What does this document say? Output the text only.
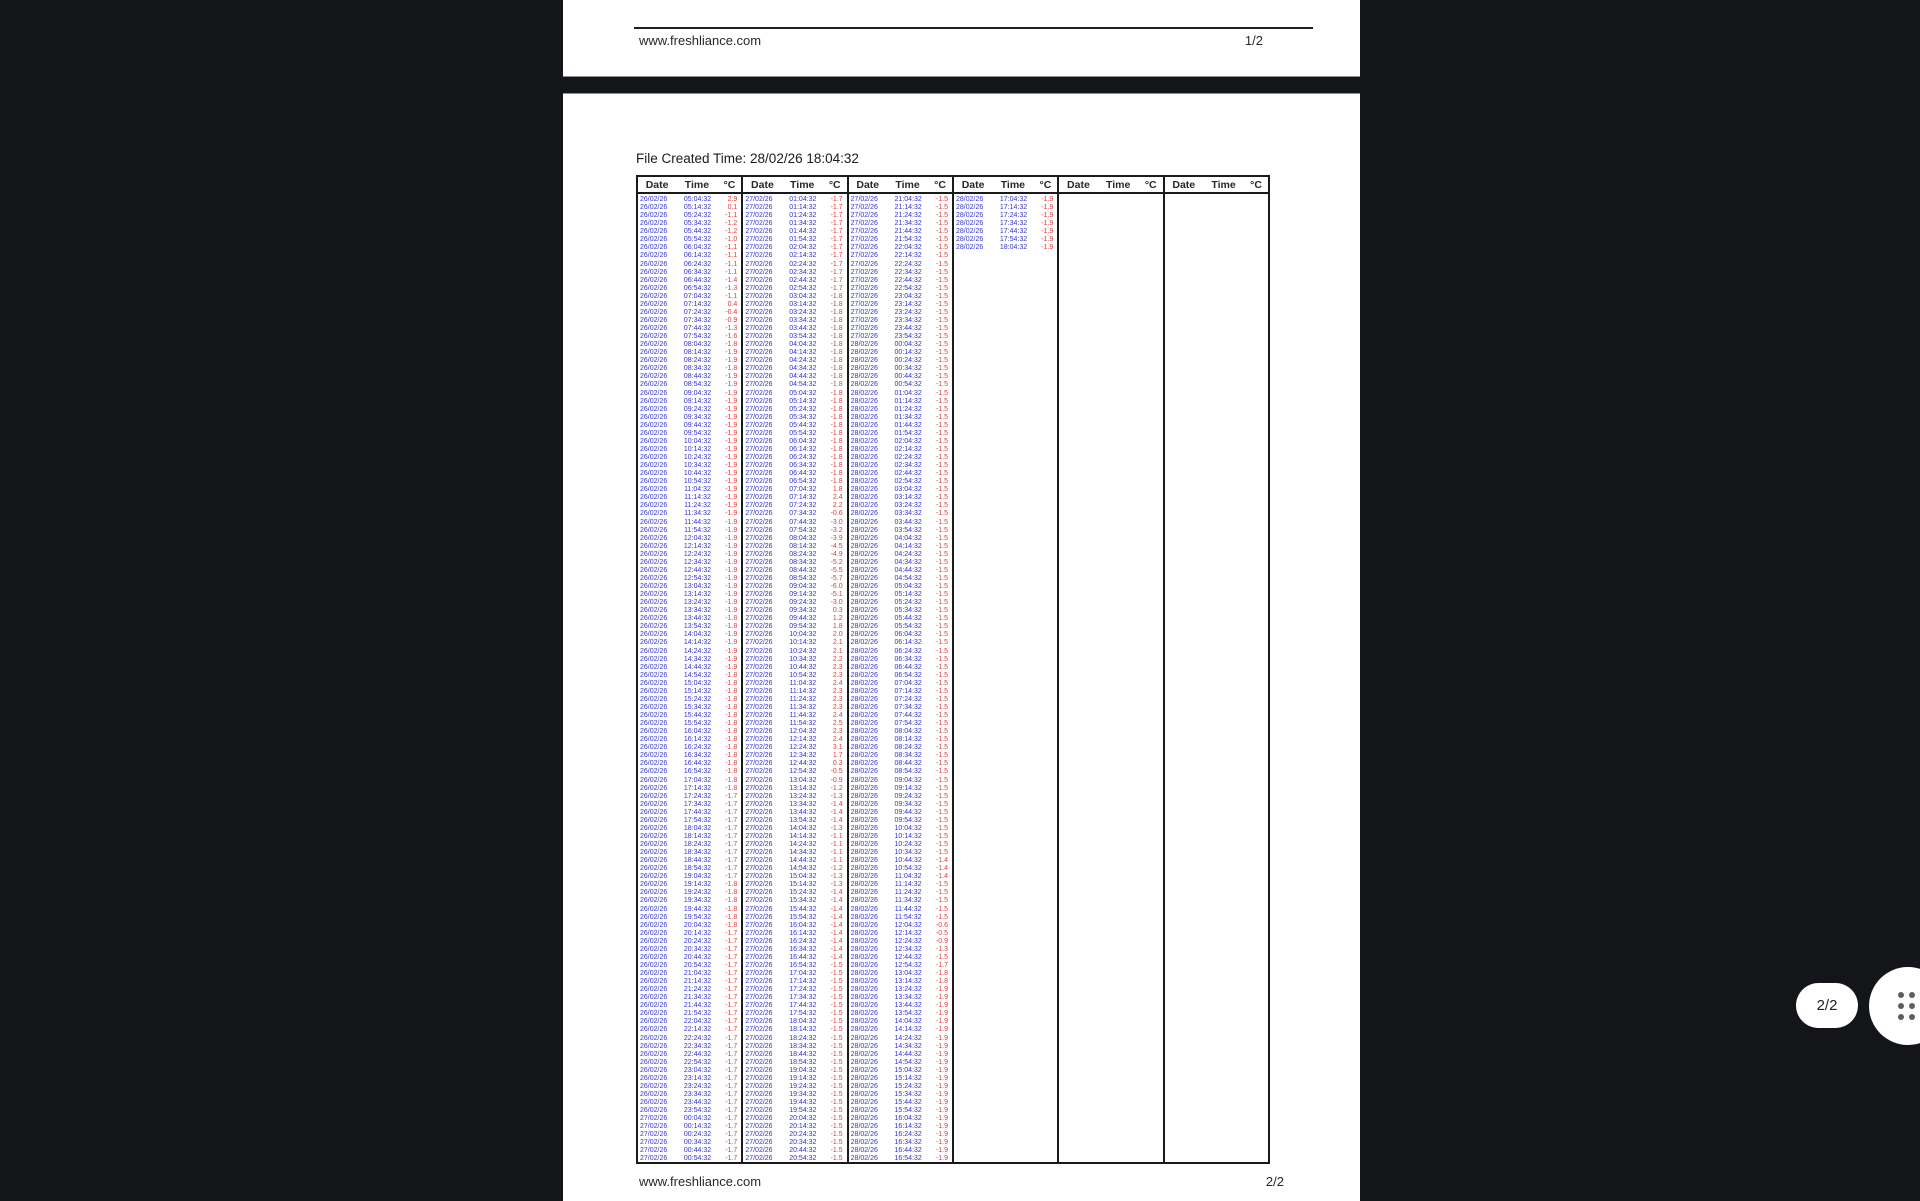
www.freshliance.com	1/2
File Created Time: 28/02/26 18:04:32
Date	Time	°C
26/02/26	05:04:32	2.9
26/02/26	05:14:32	0.1
26/02/26	05:24:32	-1.1
26/02/26	05:34:32	-1.2
26/02/26	05:44:32	-1.2
26/02/26	05:54:32	-1.0
26/02/26	06:04:32	-1.1
26/02/26	06:14:32	-1.1
26/02/26	06:24:32	-1.1
26/02/26	06:34:32	-1.1
26/02/26	06:44:32	-1.4
26/02/26	06:54:32	-1.3
26/02/26	07:04:32	-1.1
26/02/26	07:14:32	0.4
26/02/26	07:24:32	-0.4
26/02/26	07:34:32	-0.9
26/02/26	07:44:32	-1.3
26/02/26	07:54:32	-1.6
26/02/26	08:04:32	-1.8
26/02/26	08:14:32	-1.9
26/02/26	08:24:32	-1.9
26/02/26	08:34:32	-1.8
26/02/26	08:44:32	-1.9
26/02/26	08:54:32	-1.9
26/02/26	09:04:32	-1.9
26/02/26	09:14:32	-1.9
26/02/26	09:24:32	-1.9
26/02/26	09:34:32	-1.9
26/02/26	09:44:32	-1.9
26/02/26	09:54:32	-1.9
26/02/26	10:04:32	-1.9
26/02/26	10:14:32	-1.9
26/02/26	10:24:32	-1.9
26/02/26	10:34:32	-1.9
26/02/26	10:44:32	-1.9
26/02/26	10:54:32	-1.9
26/02/26	11:04:32	-1.9
26/02/26	11:14:32	-1.9
26/02/26	11:24:32	-1.9
26/02/26	11:34:32	-1.9
26/02/26	11:44:32	-1.9
26/02/26	11:54:32	-1.9
26/02/26	12:04:32	-1.9
26/02/26	12:14:32	-1.9
26/02/26	12:24:32	-1.9
26/02/26	12:34:32	-1.9
26/02/26	12:44:32	-1.9
26/02/26	12:54:32	-1.9
26/02/26	13:04:32	-1.9
26/02/26	13:14:32	-1.9
26/02/26	13:24:32	-1.9
26/02/26	13:34:32	-1.9
26/02/26	13:44:32	-1.8
26/02/26	13:54:32	-1.8
26/02/26	14:04:32	-1.9
26/02/26	14:14:32	-1.9
26/02/26	14:24:32	-1.9
26/02/26	14:34:32	-1.9
26/02/26	14:44:32	-1.9
26/02/26	14:54:32	-1.8
26/02/26	15:04:32	-1.8
26/02/26	15:14:32	-1.8
26/02/26	15:24:32	-1.8
26/02/26	15:34:32	-1.8
26/02/26	15:44:32	-1.8
26/02/26	15:54:32	-1.8
26/02/26	16:04:32	-1.8
26/02/26	16:14:32	-1.8
26/02/26	16:24:32	-1.8
26/02/26	16:34:32	-1.8
26/02/26	16:44:32	-1.8
26/02/26	16:54:32	-1.8
26/02/26	17:04:32	-1.8
26/02/26	17:14:32	-1.8
26/02/26	17:24:32	-1.7
26/02/26	17:34:32	-1.7
26/02/26	17:44:32	-1.7
26/02/26	17:54:32	-1.7
26/02/26	18:04:32	-1.7
26/02/26	18:14:32	-1.7
26/02/26	18:24:32	-1.7
26/02/26	18:34:32	-1.7
26/02/26	18:44:32	-1.7
26/02/26	18:54:32	-1.7
26/02/26	19:04:32	-1.7
26/02/26	19:14:32	-1.8
26/02/26	19:24:32	-1.8
26/02/26	19:34:32	-1.8
26/02/26	19:44:32	-1.8
26/02/26	19:54:32	-1.8
26/02/26	20:04:32	-1.8
26/02/26	20:14:32	-1.7
26/02/26	20:24:32	-1.7
26/02/26	20:34:32	-1.7
26/02/26	20:44:32	-1.7
26/02/26	20:54:32	-1.7
26/02/26	21:04:32	-1.7
26/02/26	21:14:32	-1.7
26/02/26	21:24:32	-1.7
26/02/26	21:34:32	-1.7
26/02/26	21:44:32	-1.7
26/02/26	21:54:32	-1.7
26/02/26	22:04:32	-1.7
26/02/26	22:14:32	-1.7
26/02/26	22:24:32	-1.7
26/02/26	22:34:32	-1.7
26/02/26	22:44:32	-1.7
26/02/26	22:54:32	-1.7
26/02/26	23:04:32	-1.7
26/02/26	23:14:32	-1.7
26/02/26	23:24:32	-1.7
26/02/26	23:34:32	-1.7
26/02/26	23:44:32	-1.7
26/02/26	23:54:32	-1.7
27/02/26	00:04:32	-1.7
27/02/26	00:14:32	-1.7
27/02/26	00:24:32	-1.7
27/02/26	00:34:32	-1.7
27/02/26	00:44:32	-1.7
27/02/26	00:54:32	-1.7
Date	Time	°C
27/02/26	01:04:32	-1.7
27/02/26	01:14:32	-1.7
27/02/26	01:24:32	-1.7
27/02/26	01:34:32	-1.7
27/02/26	01:44:32	-1.7
27/02/26	01:54:32	-1.7
27/02/26	02:04:32	-1.7
27/02/26	02:14:32	-1.7
27/02/26	02:24:32	-1.7
27/02/26	02:34:32	-1.7
27/02/26	02:44:32	-1.7
27/02/26	02:54:32	-1.7
27/02/26	03:04:32	-1.8
27/02/26	03:14:32	-1.8
27/02/26	03:24:32	-1.8
27/02/26	03:34:32	-1.8
27/02/26	03:44:32	-1.8
27/02/26	03:54:32	-1.8
27/02/26	04:04:32	-1.8
27/02/26	04:14:32	-1.8
27/02/26	04:24:32	-1.8
27/02/26	04:34:32	-1.8
27/02/26	04:44:32	-1.8
27/02/26	04:54:32	-1.8
27/02/26	05:04:32	-1.8
27/02/26	05:14:32	-1.8
27/02/26	05:24:32	-1.8
27/02/26	05:34:32	-1.8
27/02/26	05:44:32	-1.8
27/02/26	05:54:32	-1.8
27/02/26	06:04:32	-1.8
27/02/26	06:14:32	-1.8
27/02/26	06:24:32	-1.8
27/02/26	06:34:32	-1.8
27/02/26	06:44:32	-1.8
27/02/26	06:54:32	-1.8
27/02/26	07:04:32	1.8
27/02/26	07:14:32	2.4
27/02/26	07:24:32	2.2
27/02/26	07:34:32	-0.6
27/02/26	07:44:32	-3.0
27/02/26	07:54:32	-3.2
27/02/26	08:04:32	-3.9
27/02/26	08:14:32	-4.5
27/02/26	08:24:32	-4.9
27/02/26	08:34:32	-5.2
27/02/26	08:44:32	-5.5
27/02/26	08:54:32	-5.7
27/02/26	09:04:32	-6.0
27/02/26	09:14:32	-5.1
27/02/26	09:24:32	-3.0
27/02/26	09:34:32	0.3
27/02/26	09:44:32	1.2
27/02/26	09:54:32	1.8
27/02/26	10:04:32	2.0
27/02/26	10:14:32	2.1
27/02/26	10:24:32	2.1
27/02/26	10:34:32	2.2
27/02/26	10:44:32	2.3
27/02/26	10:54:32	2.3
27/02/26	11:04:32	2.4
27/02/26	11:14:32	2.3
27/02/26	11:24:32	2.3
27/02/26	11:34:32	2.3
27/02/26	11:44:32	2.4
27/02/26	11:54:32	2.5
27/02/26	12:04:32	2.3
27/02/26	12:14:32	2.4
27/02/26	12:24:32	3.1
27/02/26	12:34:32	1.7
27/02/26	12:44:32	0.3
27/02/26	12:54:32	-0.5
27/02/26	13:04:32	-0.9
27/02/26	13:14:32	-1.2
27/02/26	13:24:32	-1.3
27/02/26	13:34:32	-1.4
27/02/26	13:44:32	-1.4
27/02/26	13:54:32	-1.4
27/02/26	14:04:32	-1.3
27/02/26	14:14:32	-1.1
27/02/26	14:24:32	-1.1
27/02/26	14:34:32	-1.1
27/02/26	14:44:32	-1.1
27/02/26	14:54:32	-1.2
27/02/26	15:04:32	-1.3
27/02/26	15:14:32	-1.3
27/02/26	15:24:32	-1.4
27/02/26	15:34:32	-1.4
27/02/26	15:44:32	-1.4
27/02/26	15:54:32	-1.4
27/02/26	16:04:32	-1.4
27/02/26	16:14:32	-1.4
27/02/26	16:24:32	-1.4
27/02/26	16:34:32	-1.4
27/02/26	16:44:32	-1.4
27/02/26	16:54:32	-1.5
27/02/26	17:04:32	-1.5
27/02/26	17:14:32	-1.5
27/02/26	17:24:32	-1.5
27/02/26	17:34:32	-1.5
27/02/26	17:44:32	-1.5
27/02/26	17:54:32	-1.5
27/02/26	18:04:32	-1.5
27/02/26	18:14:32	-1.5
27/02/26	18:24:32	-1.5
27/02/26	18:34:32	-1.5
27/02/26	18:44:32	-1.5
27/02/26	18:54:32	-1.5
27/02/26	19:04:32	-1.5
27/02/26	19:14:32	-1.5
27/02/26	19:24:32	-1.5
27/02/26	19:34:32	-1.5
27/02/26	19:44:32	-1.5
27/02/26	19:54:32	-1.5
27/02/26	20:04:32	-1.5
27/02/26	20:14:32	-1.5
27/02/26	20:24:32	-1.5
27/02/26	20:34:32	-1.5
27/02/26	20:44:32	-1.5
27/02/26	20:54:32	-1.5
Date	Time	°C
27/02/26	21:04:32	-1.5
27/02/26	21:14:32	-1.5
27/02/26	21:24:32	-1.5
27/02/26	21:34:32	-1.5
27/02/26	21:44:32	-1.5
27/02/26	21:54:32	-1.5
27/02/26	22:04:32	-1.5
27/02/26	22:14:32	-1.5
27/02/26	22:24:32	-1.5
27/02/26	22:34:32	-1.5
27/02/26	22:44:32	-1.5
27/02/26	22:54:32	-1.5
27/02/26	23:04:32	-1.5
27/02/26	23:14:32	-1.5
27/02/26	23:24:32	-1.5
27/02/26	23:34:32	-1.5
27/02/26	23:44:32	-1.5
27/02/26	23:54:32	-1.5
28/02/26	00:04:32	-1.5
28/02/26	00:14:32	-1.5
28/02/26	00:24:32	-1.5
28/02/26	00:34:32	-1.5
28/02/26	00:44:32	-1.5
28/02/26	00:54:32	-1.5
28/02/26	01:04:32	-1.5
28/02/26	01:14:32	-1.5
28/02/26	01:24:32	-1.5
28/02/26	01:34:32	-1.5
28/02/26	01:44:32	-1.5
28/02/26	01:54:32	-1.5
28/02/26	02:04:32	-1.5
28/02/26	02:14:32	-1.5
28/02/26	02:24:32	-1.5
28/02/26	02:34:32	-1.5
28/02/26	02:44:32	-1.5
28/02/26	02:54:32	-1.5
28/02/26	03:04:32	-1.5
28/02/26	03:14:32	-1.5
28/02/26	03:24:32	-1.5
28/02/26	03:34:32	-1.5
28/02/26	03:44:32	-1.5
28/02/26	03:54:32	-1.5
28/02/26	04:04:32	-1.5
28/02/26	04:14:32	-1.5
28/02/26	04:24:32	-1.5
28/02/26	04:34:32	-1.5
28/02/26	04:44:32	-1.5
28/02/26	04:54:32	-1.5
28/02/26	05:04:32	-1.5
28/02/26	05:14:32	-1.5
28/02/26	05:24:32	-1.5
28/02/26	05:34:32	-1.5
28/02/26	05:44:32	-1.5
28/02/26	05:54:32	-1.5
28/02/26	06:04:32	-1.5
28/02/26	06:14:32	-1.5
28/02/26	06:24:32	-1.5
28/02/26	06:34:32	-1.5
28/02/26	06:44:32	-1.5
28/02/26	06:54:32	-1.5
28/02/26	07:04:32	-1.5
28/02/26	07:14:32	-1.5
28/02/26	07:24:32	-1.5
28/02/26	07:34:32	-1.5
28/02/26	07:44:32	-1.5
28/02/26	07:54:32	-1.5
28/02/26	08:04:32	-1.5
28/02/26	08:14:32	-1.5
28/02/26	08:24:32	-1.5
28/02/26	08:34:32	-1.5
28/02/26	08:44:32	-1.5
28/02/26	08:54:32	-1.5
28/02/26	09:04:32	-1.5
28/02/26	09:14:32	-1.5
28/02/26	09:24:32	-1.5
28/02/26	09:34:32	-1.5
28/02/26	09:44:32	-1.5
28/02/26	09:54:32	-1.5
28/02/26	10:04:32	-1.5
28/02/26	10:14:32	-1.5
28/02/26	10:24:32	-1.5
28/02/26	10:34:32	-1.5
28/02/26	10:44:32	-1.4
28/02/26	10:54:32	-1.4
28/02/26	11:04:32	-1.4
28/02/26	11:14:32	-1.5
28/02/26	11:24:32	-1.5
28/02/26	11:34:32	-1.5
28/02/26	11:44:32	-1.5
28/02/26	11:54:32	-1.5
28/02/26	12:04:32	-0.6
28/02/26	12:14:32	-0.5
28/02/26	12:24:32	-0.9
28/02/26	12:34:32	-1.3
28/02/26	12:44:32	-1.5
28/02/26	12:54:32	-1.7
28/02/26	13:04:32	-1.8
28/02/26	13:14:32	-1.8
28/02/26	13:24:32	-1.9
28/02/26	13:34:32	-1.9
28/02/26	13:44:32	-1.9
28/02/26	13:54:32	-1.9
28/02/26	14:04:32	-1.9
28/02/26	14:14:32	-1.9
28/02/26	14:24:32	-1.9
28/02/26	14:34:32	-1.9
28/02/26	14:44:32	-1.9
28/02/26	14:54:32	-1.9
28/02/26	15:04:32	-1.9
28/02/26	15:14:32	-1.9
28/02/26	15:24:32	-1.9
28/02/26	15:34:32	-1.9
28/02/26	15:44:32	-1.9
28/02/26	15:54:32	-1.9
28/02/26	16:04:32	-1.9
28/02/26	16:14:32	-1.9
28/02/26	16:24:32	-1.9
28/02/26	16:34:32	-1.9
28/02/26	16:44:32	-1.9
28/02/26	16:54:32	-1.9
Date	Time	°C
28/02/26	17:04:32	-1.9
28/02/26	17:14:32	-1.9
28/02/26	17:24:32	-1.9
28/02/26	17:34:32	-1.9
28/02/26	17:44:32	-1.9
28/02/26	17:54:32	-1.9
28/02/26	18:04:32	-1.9
Date	Time	°C	Date	Time	°C
www.freshliance.com	2/2
2/2
